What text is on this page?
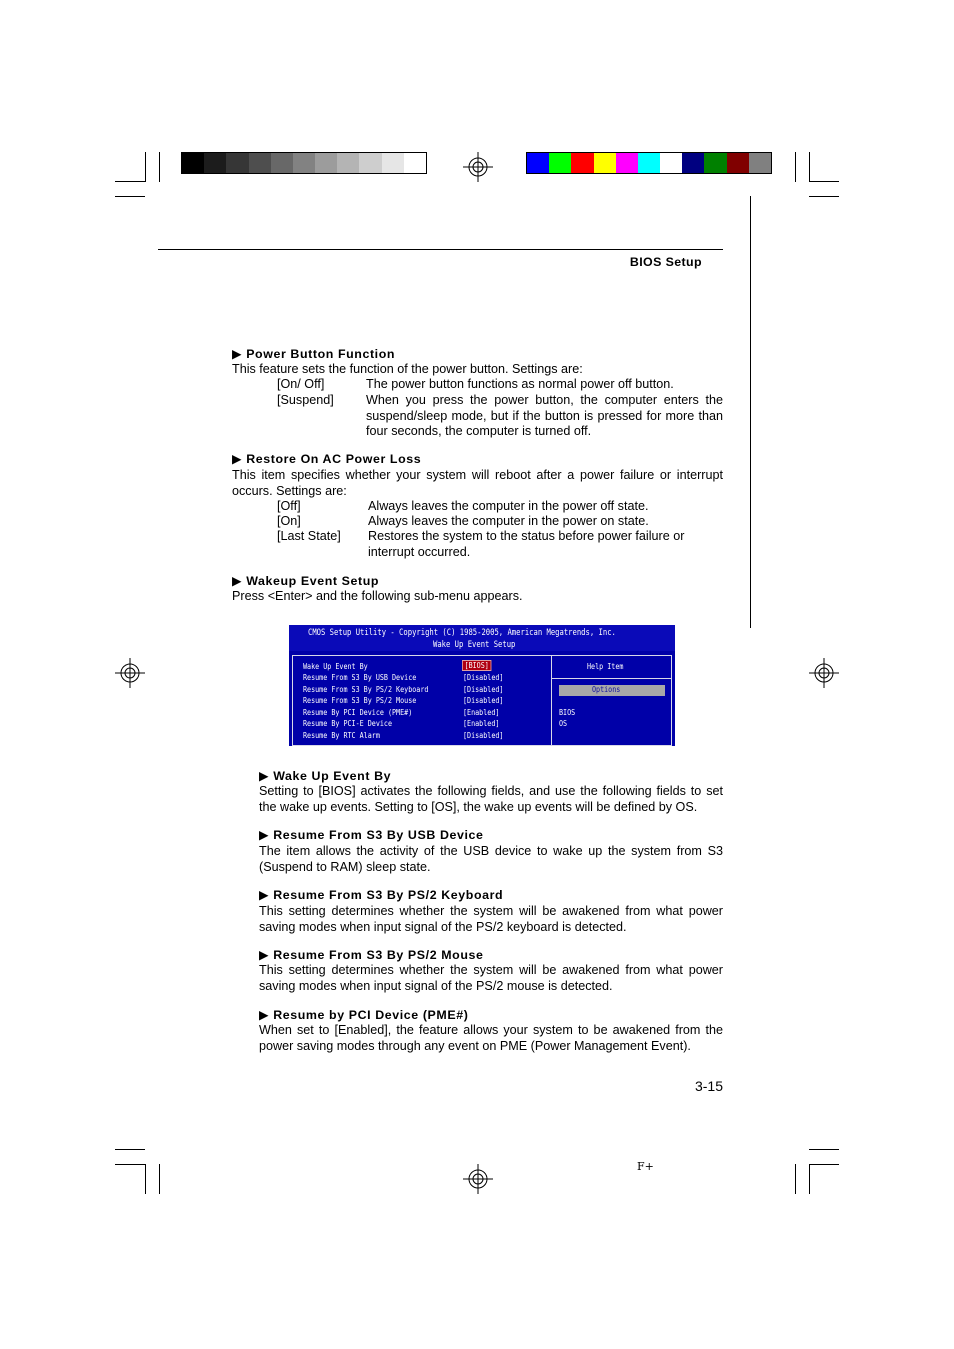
F+
BIOS Setup
▶ Power Button Function
This feature sets the function of the power button. Settings are:
[On/ Off]	The power button functions as normal power off button.
[Suspend]	When you press the power button, the computer enters the suspend/sleep mode, but if the button is pressed for more than four seconds, the computer is turned off.
▶ Restore On AC Power Loss
This item specifies whether your system will reboot after a power failure or interrupt occurs. Settings are:
[Off]	Always leaves the computer in the power off state.
[On]	Always leaves the computer in the power on state.
[Last State] Restores the system to the status before power failure or interrupt occurred.
▶ Wakeup Event Setup
Press <Enter> and the following sub-menu appears.
CMOS Setup Utility - Copyright (C) 1985-2005, American Megatrends, Inc.
Wake Up Event Setup
Wake Up Event By	[BIOS]
Resume From S3 By USB Device	[Disabled]
Resume From S3 By PS/2 Keyboard	[Disabled]
Resume From S3 By PS/2 Mouse	[Disabled]
Resume By PCI Device (PME#)	[Enabled]
Resume By PCI-E Device	[Enabled]
Resume By RTC Alarm	[Disabled]
Help Item
Options
BIOS
OS
▶ Wake Up Event By
Setting to [BIOS] activates the following fields, and use the following fields to set the wake up events. Setting to [OS], the wake up events will be defined by OS.
▶ Resume From S3 By USB Device
The item allows the activity of the USB device to wake up the system from S3 (Suspend to RAM) sleep state.
▶ Resume From S3 By PS/2 Keyboard
This setting determines whether the system will be awakened from what power saving modes when input signal of the PS/2 keyboard is detected.
▶ Resume From S3 By PS/2 Mouse
This setting determines whether the system will be awakened from what power saving modes when input signal of the PS/2 mouse is detected.
▶ Resume by PCI Device (PME#)
When set to [Enabled], the feature allows your system to be awakened from the power saving modes through any event on PME (Power Management Event).
3-15
